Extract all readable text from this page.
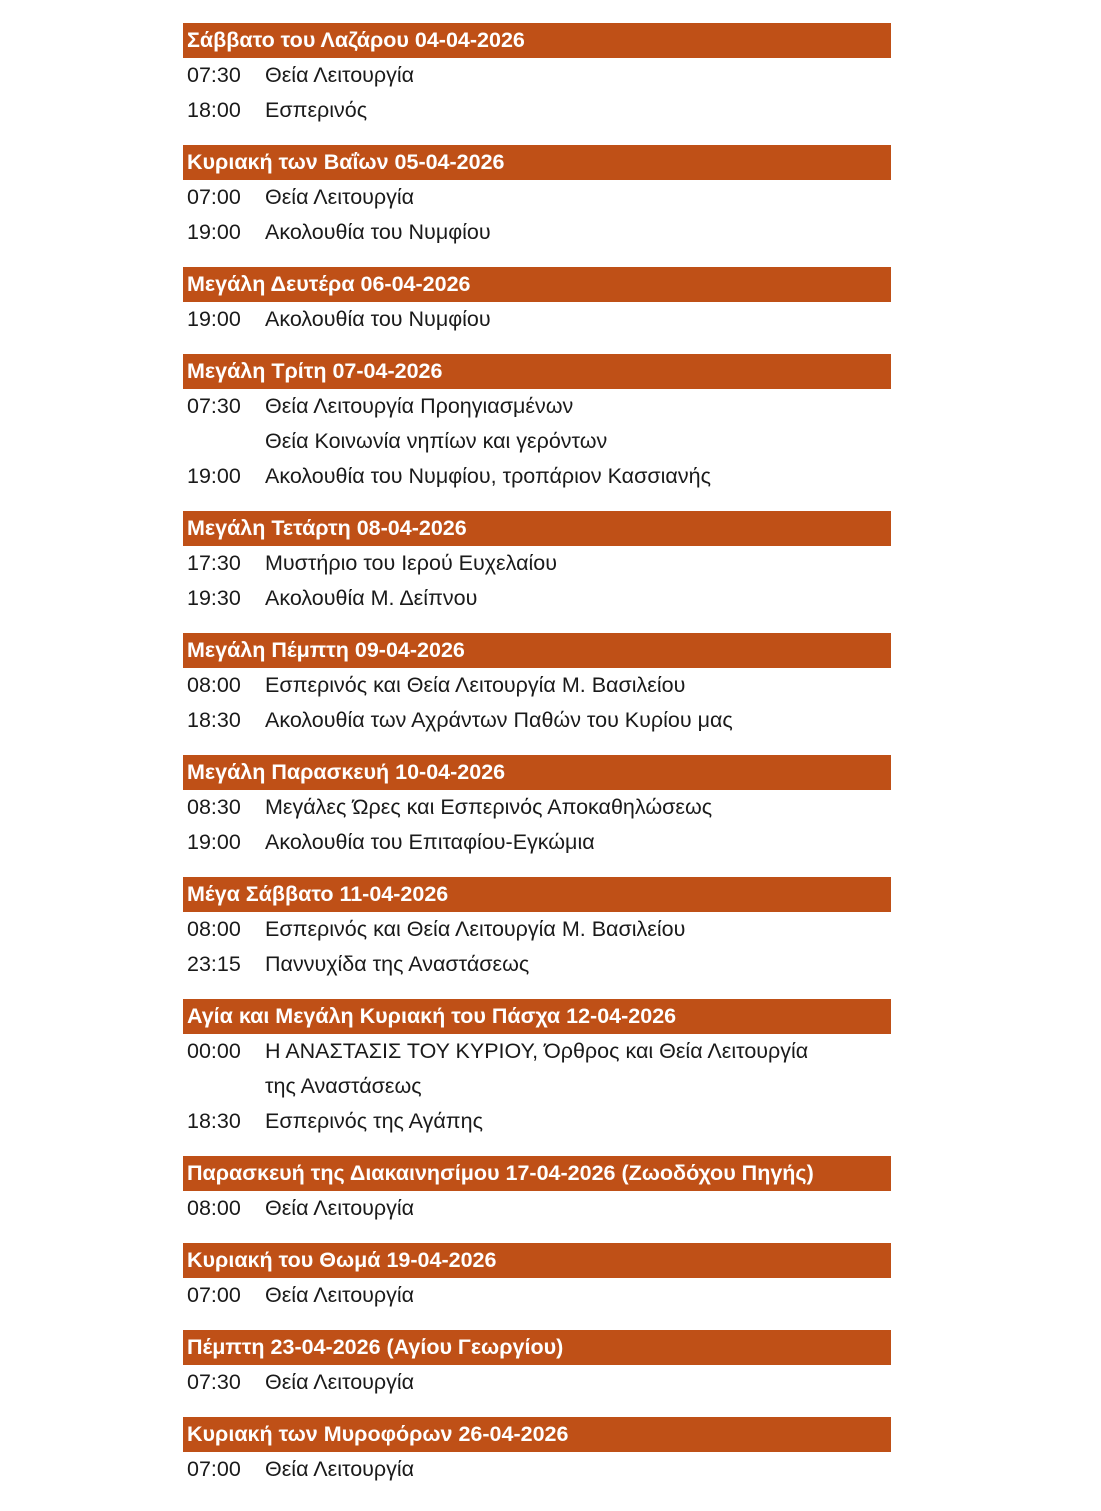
Σάββατο του Λαζάρου 04-04-2026
07:30	Θεία Λειτουργία
18:00	Εσπερινός
Κυριακή των Βαΐων 05-04-2026
07:00	Θεία Λειτουργία
19:00	Ακολουθία του Νυμφίου
Μεγάλη Δευτέρα 06-04-2026
19:00	Ακολουθία του Νυμφίου
Μεγάλη Τρίτη 07-04-2026
07:30	Θεία Λειτουργία Προηγιασμένων
Θεία Κοινωνία νηπίων και γερόντων
19:00	Ακολουθία του Νυμφίου, τροπάριον Κασσιανής
Μεγάλη Τετάρτη 08-04-2026
17:30	Μυστήριο του Ιερού Ευχελαίου
19:30	Ακολουθία Μ. Δείπνου
Μεγάλη Πέμπτη 09-04-2026
08:00	Εσπερινός και Θεία Λειτουργία Μ. Βασιλείου
18:30	Ακολουθία των Αχράντων Παθών του Κυρίου μας
Μεγάλη Παρασκευή 10-04-2026
08:30	Μεγάλες Ώρες και Εσπερινός Αποκαθηλώσεως
19:00	Ακολουθία του Επιταφίου-Εγκώμια
Μέγα Σάββατο 11-04-2026
08:00	Εσπερινός και Θεία Λειτουργία Μ. Βασιλείου
23:15	Παννυχίδα της Αναστάσεως
Αγία και Μεγάλη Κυριακή του Πάσχα 12-04-2026
00:00	Η ΑΝΑΣΤΑΣΙΣ ΤΟΥ ΚΥΡΙΟΥ, Όρθρος και Θεία Λειτουργία
της Αναστάσεως
18:30	Εσπερινός της Αγάπης
Παρασκευή της Διακαινησίμου 17-04-2026 (Ζωοδόχου Πηγής)
08:00	Θεία Λειτουργία
Κυριακή του Θωμά 19-04-2026
07:00	Θεία Λειτουργία
Πέμπτη 23-04-2026 (Αγίου Γεωργίου)
07:30	Θεία Λειτουργία
Κυριακή των Μυροφόρων 26-04-2026
07:00	Θεία Λειτουργία
